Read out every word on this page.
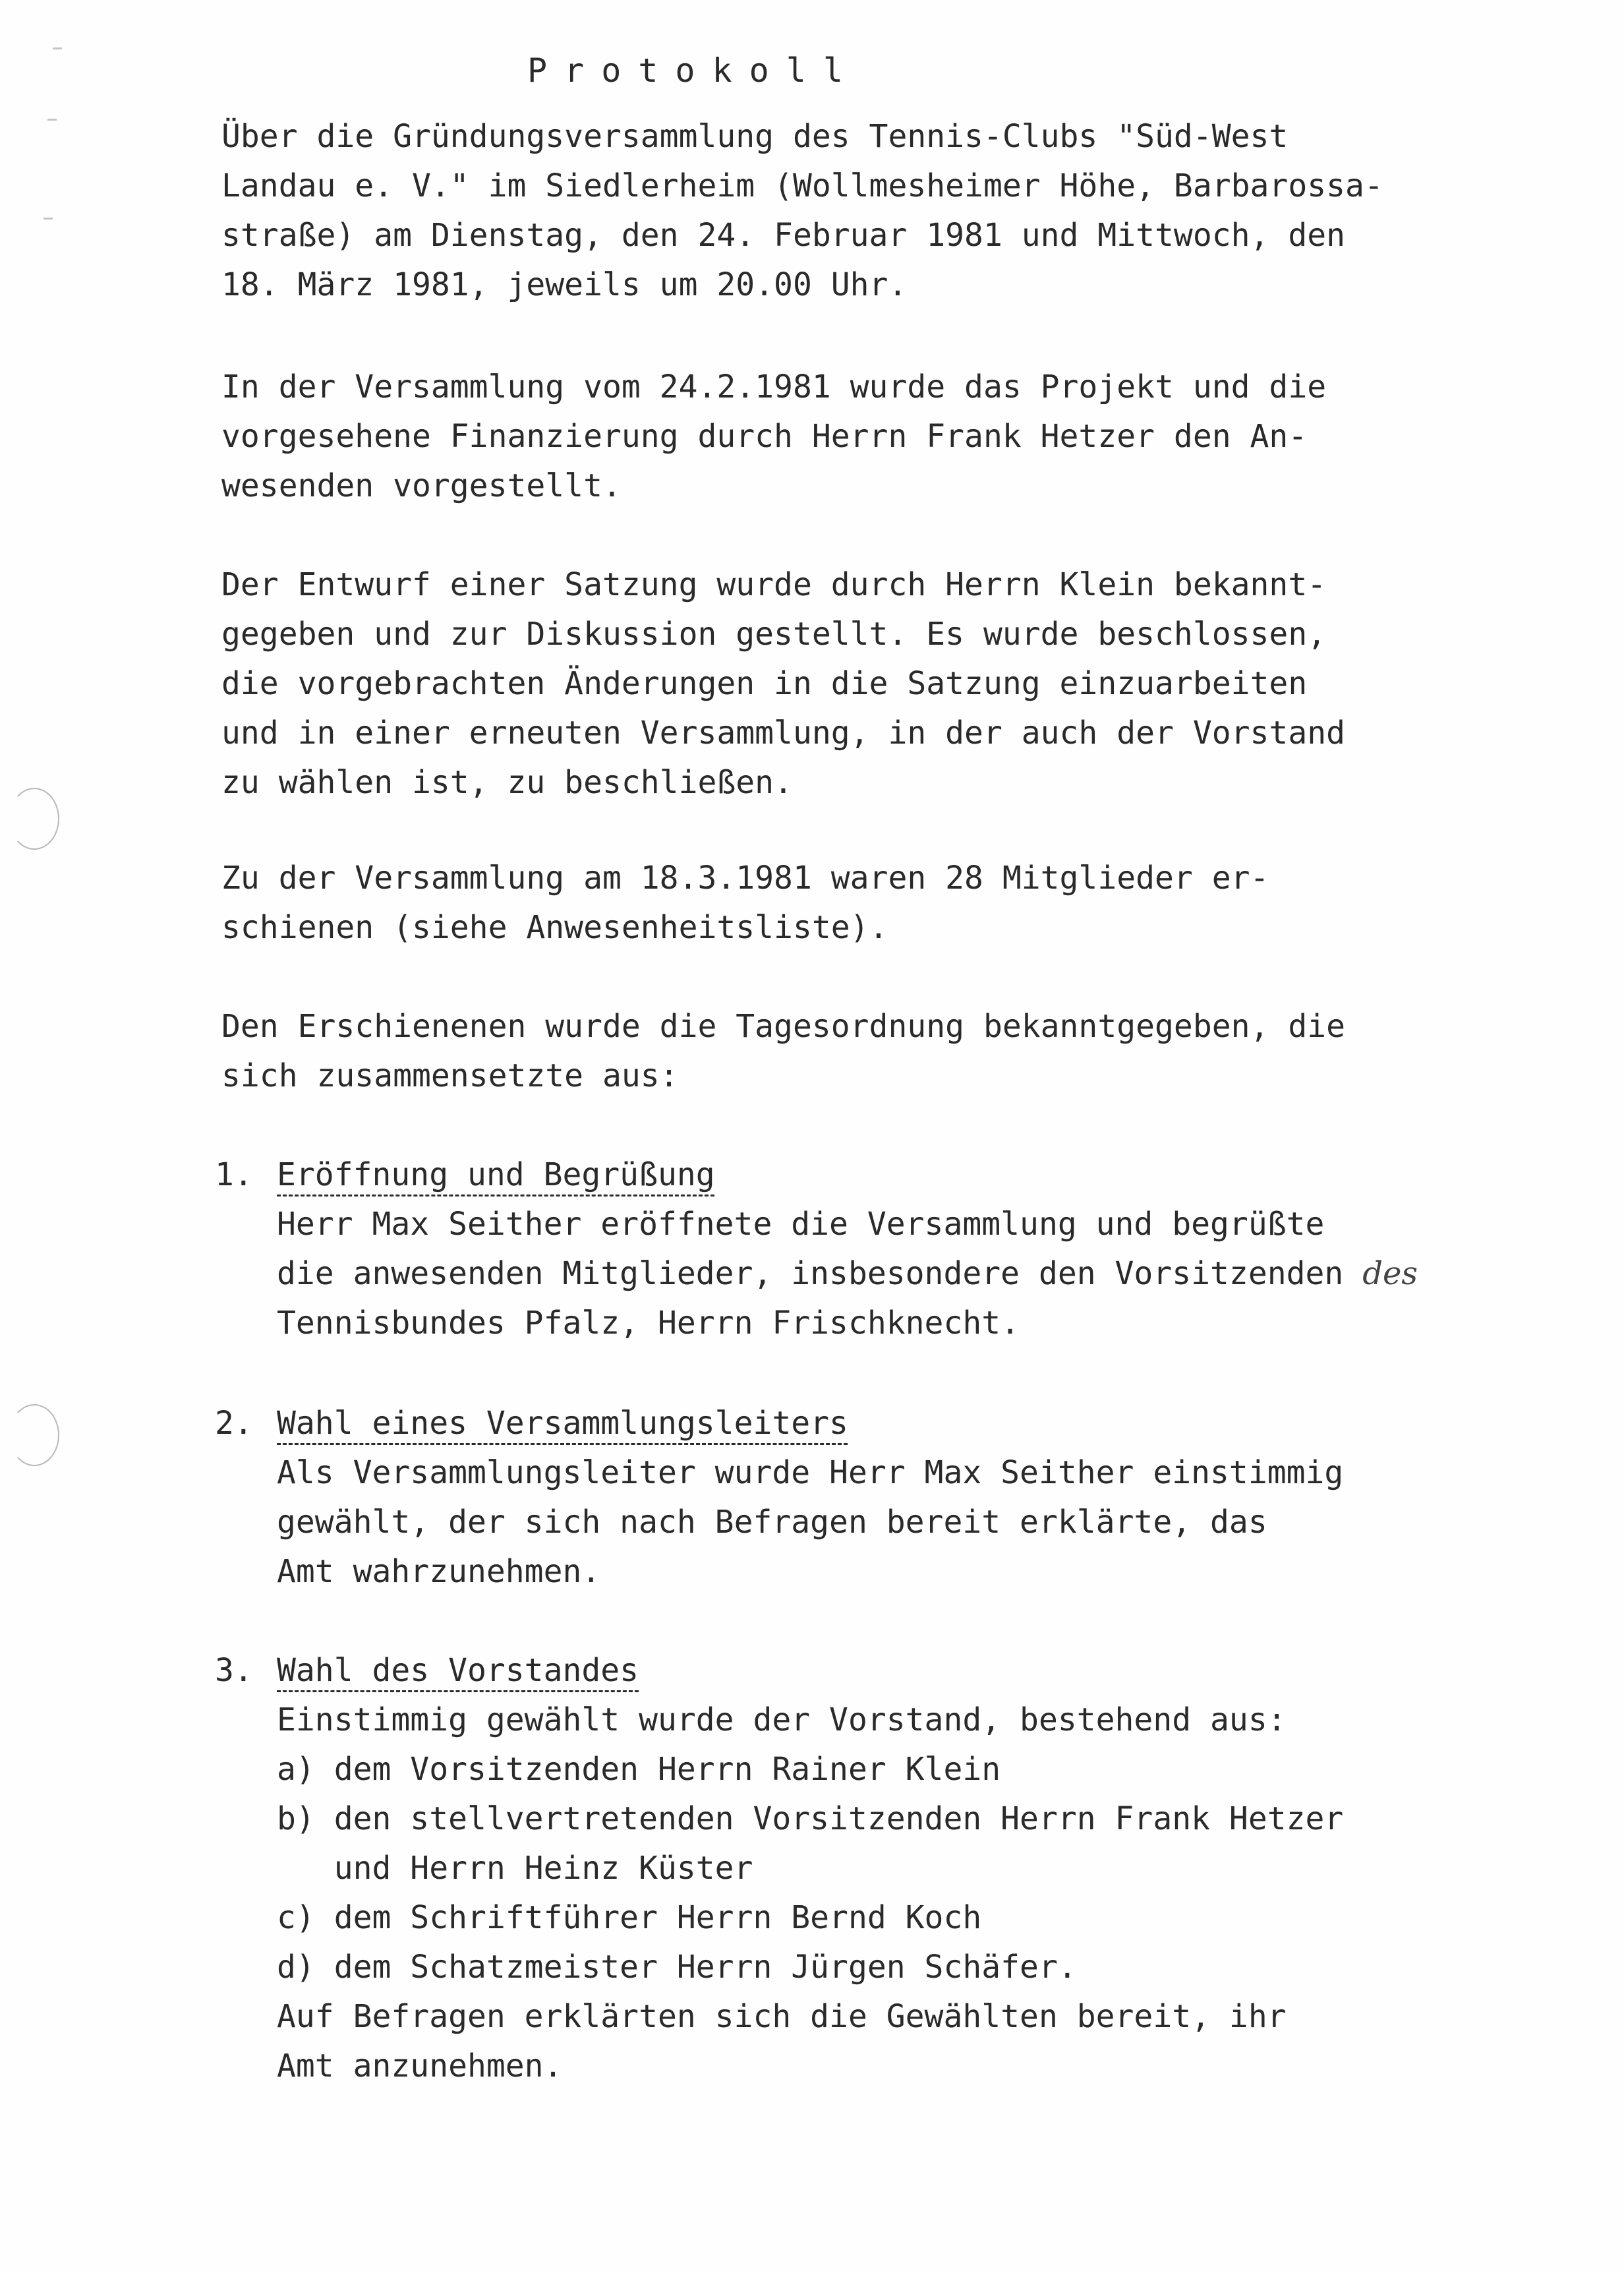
Protokoll
Über die Gründungsversammlung des Tennis-Clubs "Süd-West
Landau e. V." im Siedlerheim (Wollmesheimer Höhe, Barbarossa-
straße) am Dienstag, den 24. Februar 1981 und Mittwoch, den
18. März 1981, jeweils um 20.00 Uhr.
In der Versammlung vom 24.2.1981 wurde das Projekt und die
vorgesehene Finanzierung durch Herrn Frank Hetzer den An-
wesenden vorgestellt.
Der Entwurf einer Satzung wurde durch Herrn Klein bekannt-
gegeben und zur Diskussion gestellt. Es wurde beschlossen,
die vorgebrachten Änderungen in die Satzung einzuarbeiten
und in einer erneuten Versammlung, in der auch der Vorstand
zu wählen ist, zu beschließen.
Zu der Versammlung am 18.3.1981 waren 28 Mitglieder er-
schienen (siehe Anwesenheitsliste).
Den Erschienenen wurde die Tagesordnung bekanntgegeben, die
sich zusammensetzte aus:
1. Eröffnung und Begrüßung
Herr Max Seither eröffnete die Versammlung und begrüßte
die anwesenden Mitglieder, insbesondere den Vorsitzenden des
Tennisbundes Pfalz, Herrn Frischknecht.
2. Wahl eines Versammlungsleiters
Als Versammlungsleiter wurde Herr Max Seither einstimmig
gewählt, der sich nach Befragen bereit erklärte, das
Amt wahrzunehmen.
3. Wahl des Vorstandes
Einstimmig gewählt wurde der Vorstand, bestehend aus:
a) dem Vorsitzenden Herrn Rainer Klein
b) den stellvertretenden Vorsitzenden Herrn Frank Hetzer
und Herrn Heinz Küster
c) dem Schriftführer Herrn Bernd Koch
d) dem Schatzmeister Herrn Jürgen Schäfer.
Auf Befragen erklärten sich die Gewählten bereit, ihr
Amt anzunehmen.
